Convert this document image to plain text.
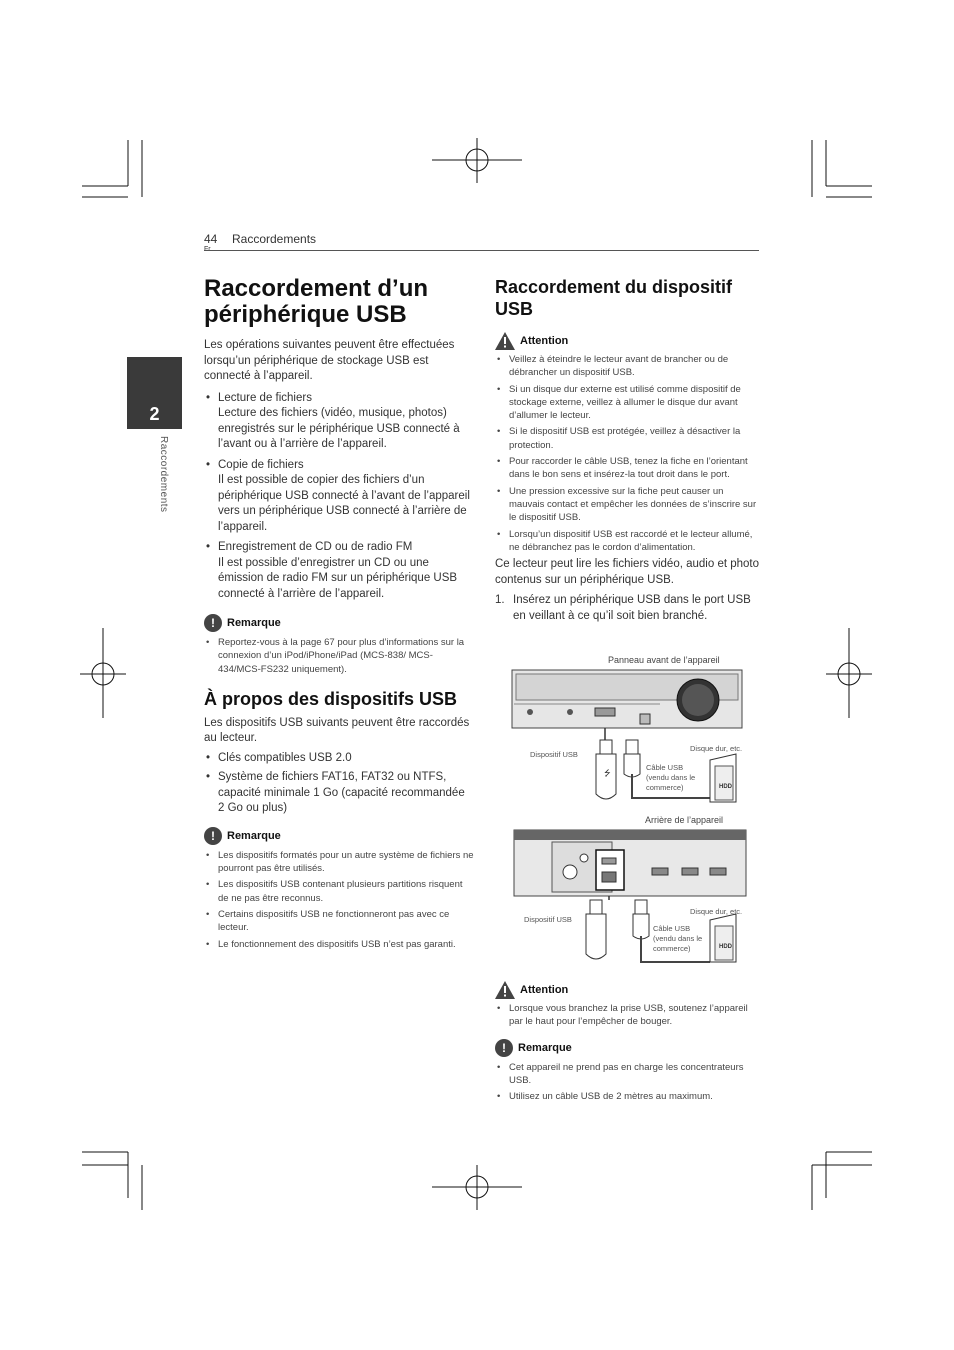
44 Raccordements
2
Raccordements
Raccordement d’un
périphérique USB
Les opérations suivantes peuvent être effectuées lorsqu’un périphérique de stockage USB est connecté à l’appareil.
• Lecture de fichiers
Lecture des fichiers (vidéo, musique, photos) enregistrés sur le périphérique USB connecté à l’avant ou à l’arrière de l’appareil.
• Copie de fichiers
Il est possible de copier des fichiers d’un périphérique USB connecté à l’avant de l’appareil vers un périphérique USB connecté à l’arrière de l’appareil.
• Enregistrement de CD ou de radio FM
Il est possible d’enregistrer un CD ou une émission de radio FM sur un périphérique USB connecté à l’arrière de l’appareil.
!	Remarque
• Reportez-vous à la page 67 pour plus d’informations sur la connexion d’un iPod/iPhone/iPad (MCS-838/ MCS-434/MCS-FS232 uniquement).
À propos des dispositifs USB
Les dispositifs USB suivants peuvent être raccordés au lecteur.
• Clés compatibles USB 2.0
• Système de fichiers FAT16, FAT32 ou NTFS, capacité minimale 1 Go (capacité recommandée 2 Go ou plus)
!	Remarque
• Les dispositifs formatés pour un autre système de fichiers ne pourront pas être utilisés.
• Les dispositifs USB contenant plusieurs partitions risquent de ne pas être reconnus.
• Certains dispositifs USB ne fonctionneront pas avec ce lecteur.
• Le fonctionnement des dispositifs USB n’est pas garanti.
Raccordement du dispositif
USB
Attention
• Veillez à éteindre le lecteur avant de brancher ou de débrancher un dispositif USB.
• Si un disque dur externe est utilisé comme dispositif de stockage externe, veillez à allumer le disque dur avant d’allumer le lecteur.
• Si le dispositif USB est protégée, veillez à désactiver la protection.
• Pour raccorder le câble USB, tenez la fiche en l’orientant dans le bon sens et insérez-la tout droit dans le port.
• Une pression excessive sur la fiche peut causer un mauvais contact et empêcher les données de s’inscrire sur le dispositif USB.
• Lorsqu’un dispositif USB est raccordé et le lecteur allumé, ne débranchez pas le cordon d’alimentation.
Ce lecteur peut lire les fichiers vidéo, audio et photo contenus sur un périphérique USB.
1. Insérez un périphérique USB dans le port USB en veillant à ce qu’il soit bien branché.
Panneau avant de l’appareil
⭍
HDD
Dispositif USB
Disque dur, etc.
Câble USB
(vendu dans le
commerce)
Arrière de l’appareil
HDD
Dispositif USB
Disque dur, etc.
Câble USB
(vendu dans le
commerce)
Attention
• Lorsque vous branchez la prise USB, soutenez l’appareil par le haut pour l’empêcher de bouger.
!	Remarque
• Cet appareil ne prend pas en charge les concentrateurs USB.
• Utilisez un câble USB de 2 mètres au maximum.
